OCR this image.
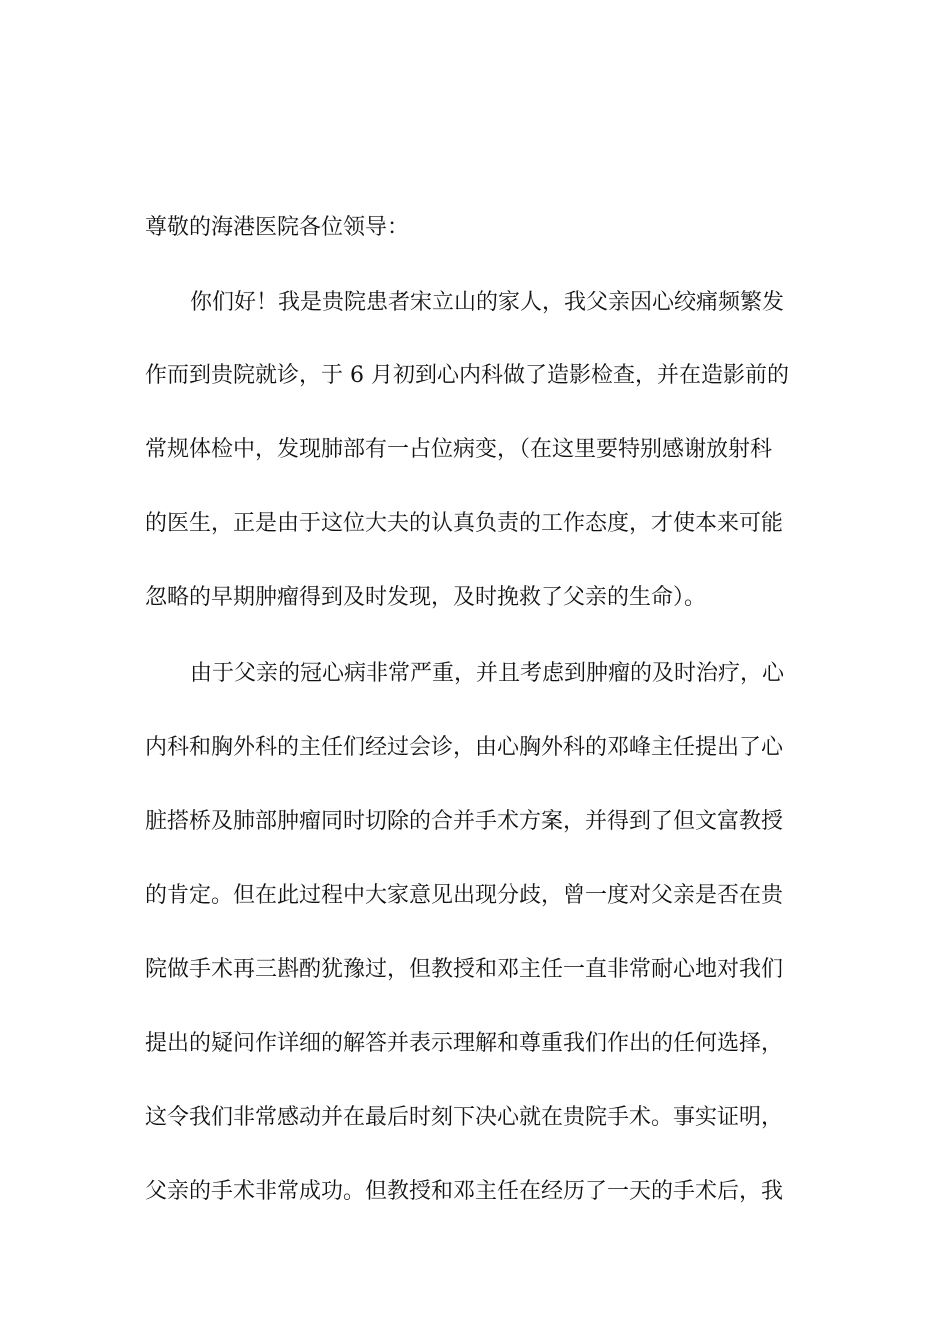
尊敬的海港医院各位领导：
你们好！我是贵院患者宋立山的家人，我父亲因心绞痛频繁发
作而到贵院就诊，于 6 月初到心内科做了造影检查，并在造影前的
常规体检中，发现肺部有一占位病变，（在这里要特别感谢放射科
的医生，正是由于这位大夫的认真负责的工作态度，才使本来可能
忽略的早期肿瘤得到及时发现，及时挽救了父亲的生命）。
由于父亲的冠心病非常严重，并且考虑到肿瘤的及时治疗，心
内科和胸外科的主任们经过会诊，由心胸外科的邓峰主任提出了心
脏搭桥及肺部肿瘤同时切除的合并手术方案，并得到了但文富教授
的肯定。但在此过程中大家意见出现分歧，曾一度对父亲是否在贵
院做手术再三斟酌犹豫过，但教授和邓主任一直非常耐心地对我们
提出的疑问作详细的解答并表示理解和尊重我们作出的任何选择，
这令我们非常感动并在最后时刻下决心就在贵院手术。事实证明，
父亲的手术非常成功。但教授和邓主任在经历了一天的手术后，我
